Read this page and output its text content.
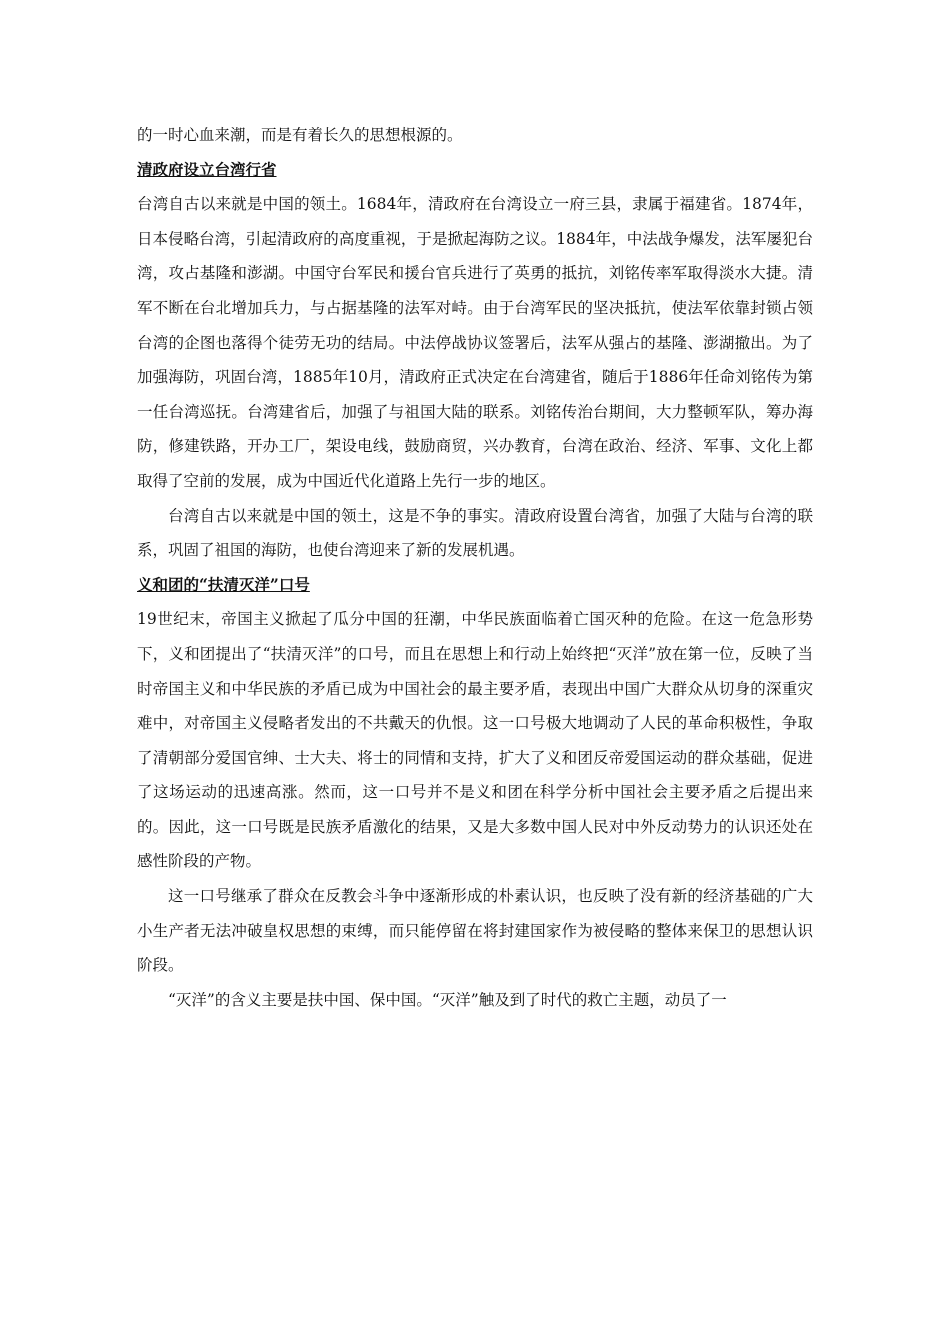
的一时心血来潮，而是有着长久的思想根源的。

清政府设立台湾行省

台湾自古以来就是中国的领土。1684年，清政府在台湾设立一府三县，隶属于福建省。1874年，日本侵略台湾，引起清政府的高度重视，于是掀起海防之议。1884年，中法战争爆发，法军屡犯台湾，攻占基隆和澎湖。中国守台军民和援台官兵进行了英勇的抵抗，刘铭传率军取得淡水大捷。清军不断在台北增加兵力，与占据基隆的法军对峙。由于台湾军民的坚决抵抗，使法军依靠封锁占领台湾的企图也落得个徒劳无功的结局。中法停战协议签署后，法军从强占的基隆、澎湖撤出。为了加强海防，巩固台湾，1885年10月，清政府正式决定在台湾建省，随后于1886年任命刘铭传为第一任台湾巡抚。台湾建省后，加强了与祖国大陆的联系。刘铭传治台期间，大力整顿军队，筹办海防，修建铁路，开办工厂，架设电线，鼓励商贸，兴办教育，台湾在政治、经济、军事、文化上都取得了空前的发展，成为中国近代化道路上先行一步的地区。

台湾自古以来就是中国的领土，这是不争的事实。清政府设置台湾省，加强了大陆与台湾的联系，巩固了祖国的海防，也使台湾迎来了新的发展机遇。

义和团的“扶清灭洋”口号

19世纪末，帝国主义掀起了瓜分中国的狂潮，中华民族面临着亡国灭种的危险。在这一危急形势下，义和团提出了“扶清灭洋”的口号，而且在思想上和行动上始终把“灭洋”放在第一位，反映了当时帝国主义和中华民族的矛盾已成为中国社会的最主要矛盾，表现出中国广大群众从切身的深重灾难中，对帝国主义侵略者发出的不共戴天的仇恨。这一口号极大地调动了人民的革命积极性，争取了清朝部分爱国官绅、士大夫、将士的同情和支持，扩大了义和团反帝爱国运动的群众基础，促进了这场运动的迅速高涨。然而，这一口号并不是义和团在科学分析中国社会主要矛盾之后提出来的。因此，这一口号既是民族矛盾激化的结果，又是大多数中国人民对中外反动势力的认识还处在感性阶段的产物。

这一口号继承了群众在反教会斗争中逐渐形成的朴素认识，也反映了没有新的经济基础的广大小生产者无法冲破皇权思想的束缚，而只能停留在将封建国家作为被侵略的整体来保卫的思想认识阶段。

“灭洋”的含义主要是扶中国、保中国。“灭洋”触及到了时代的救亡主题，动员了一
